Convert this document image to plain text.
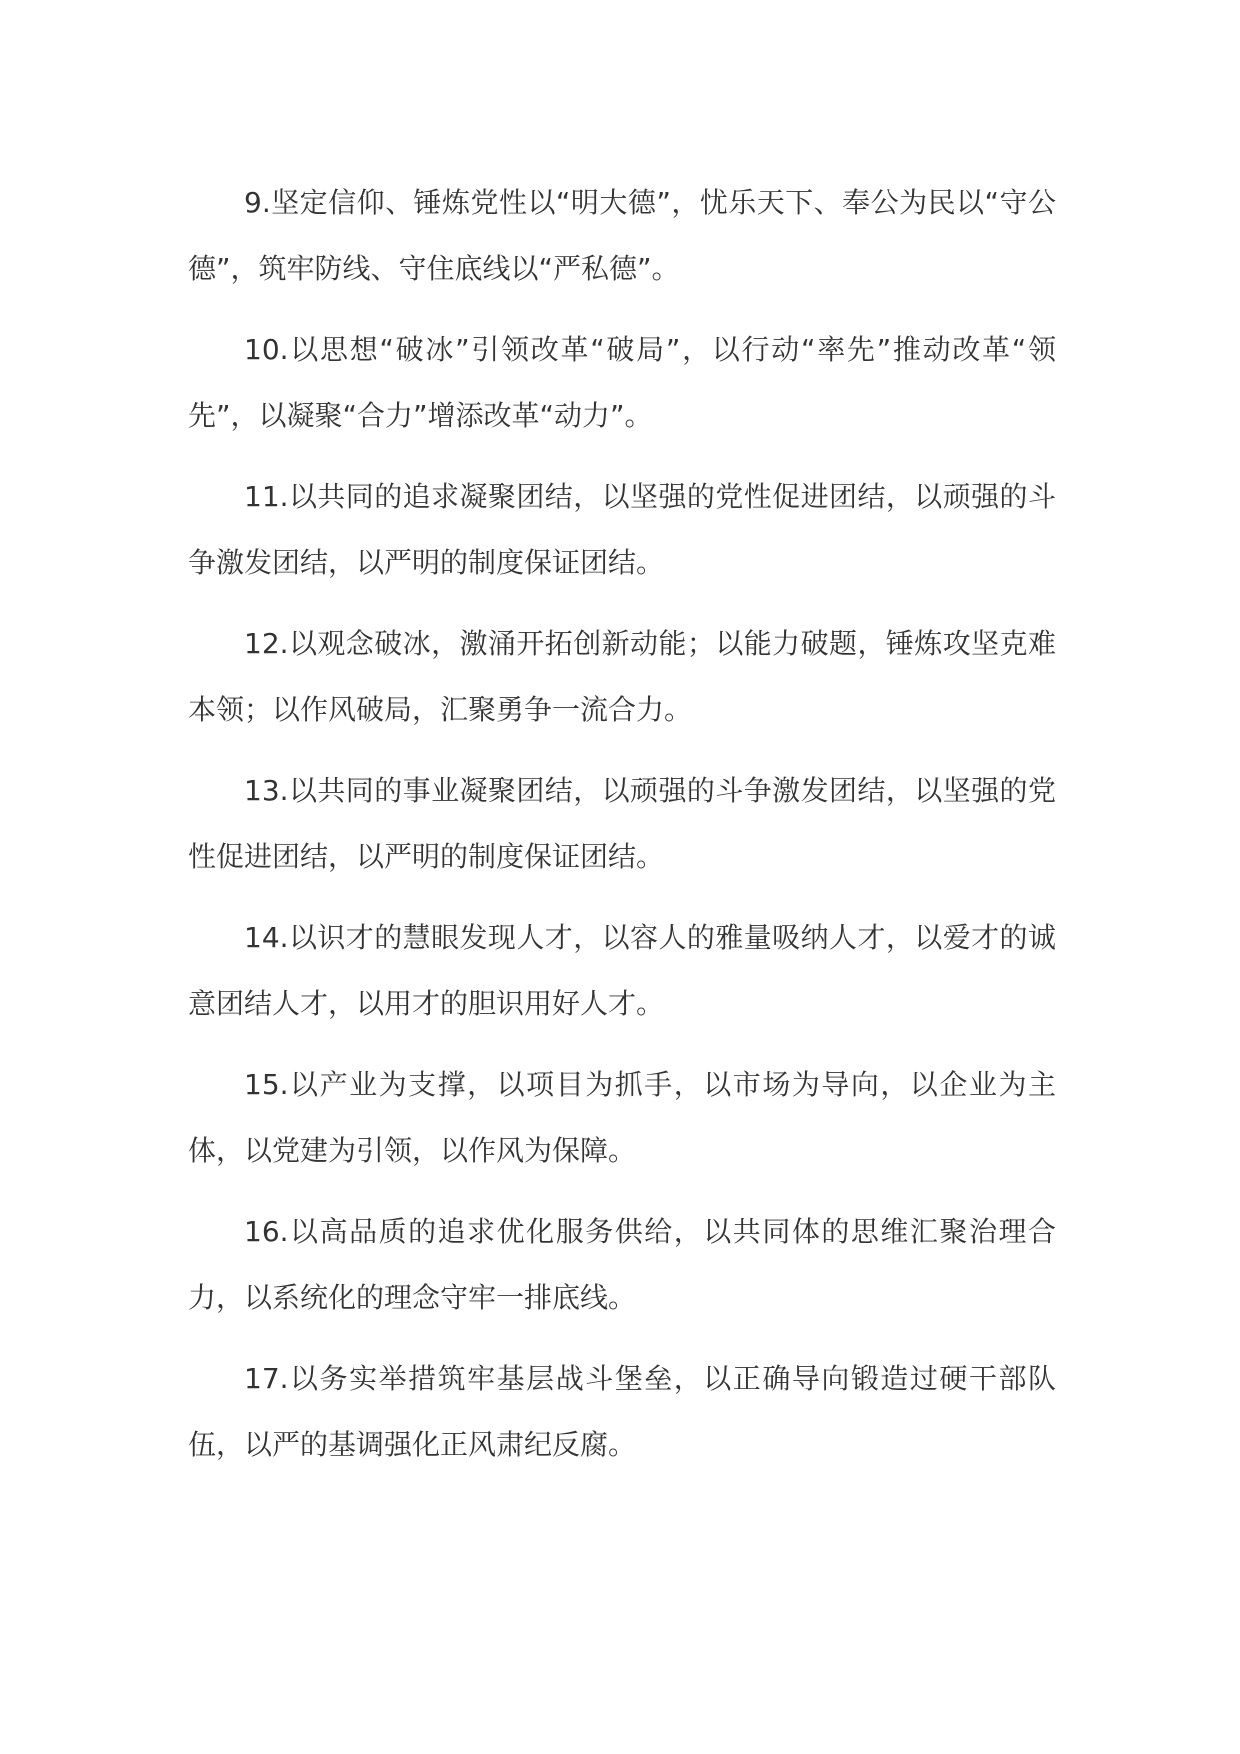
9.坚定信仰、锤炼党性以“明大德”，忧乐天下、奉公为民以“守公德”，筑牢防线、守住底线以“严私德”。

10.以思想“破冰”引领改革“破局”，以行动“率先”推动改革“领先”，以凝聚“合力”增添改革“动力”。

11.以共同的追求凝聚团结，以坚强的党性促进团结，以顽强的斗争激发团结，以严明的制度保证团结。

12.以观念破冰，激涌开拓创新动能；以能力破题，锤炼攻坚克难本领；以作风破局，汇聚勇争一流合力。

13.以共同的事业凝聚团结，以顽强的斗争激发团结，以坚强的党性促进团结，以严明的制度保证团结。

14.以识才的慧眼发现人才，以容人的雅量吸纳人才，以爱才的诚意团结人才，以用才的胆识用好人才。

15.以产业为支撑，以项目为抓手，以市场为导向，以企业为主体，以党建为引领，以作风为保障。

16.以高品质的追求优化服务供给，以共同体的思维汇聚治理合力，以系统化的理念守牢一排底线。

17.以务实举措筑牢基层战斗堡垒，以正确导向锻造过硬干部队伍，以严的基调强化正风肃纪反腐。
